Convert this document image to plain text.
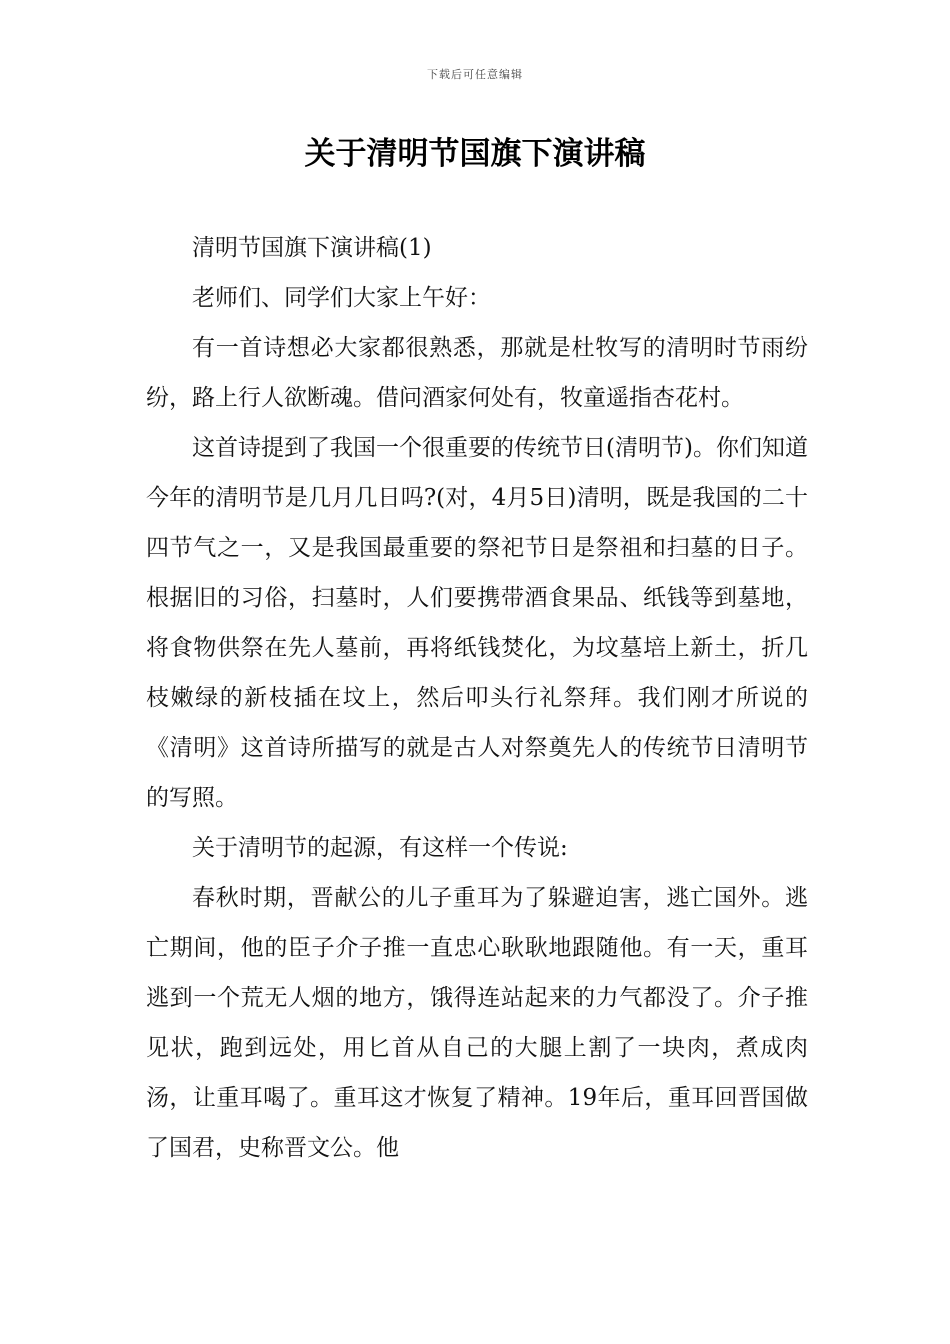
下载后可任意编辑
关于清明节国旗下演讲稿

清明节国旗下演讲稿(1)

老师们、同学们大家上午好：

有一首诗想必大家都很熟悉，那就是杜牧写的清明时节雨纷纷，路上行人欲断魂。借问酒家何处有，牧童遥指杏花村。

这首诗提到了我国一个很重要的传统节日(清明节)。你们知道今年的清明节是几月几日吗?(对，4月5日)清明，既是我国的二十四节气之一，又是我国最重要的祭祀节日是祭祖和扫墓的日子。根据旧的习俗，扫墓时，人们要携带酒食果品、纸钱等到墓地，将食物供祭在先人墓前，再将纸钱焚化，为坟墓培上新土，折几枝嫩绿的新枝插在坟上，然后叩头行礼祭拜。我们刚才所说的《清明》这首诗所描写的就是古人对祭奠先人的传统节日清明节的写照。

关于清明节的起源，有这样一个传说:

春秋时期，晋献公的儿子重耳为了躲避迫害，逃亡国外。逃亡期间，他的臣子介子推一直忠心耿耿地跟随他。有一天，重耳逃到一个荒无人烟的地方，饿得连站起来的力气都没了。介子推见状，跑到远处，用匕首从自己的大腿上割了一块肉，煮成肉汤，让重耳喝了。重耳这才恢复了精神。19年后，重耳回晋国做了国君，史称晋文公。他
